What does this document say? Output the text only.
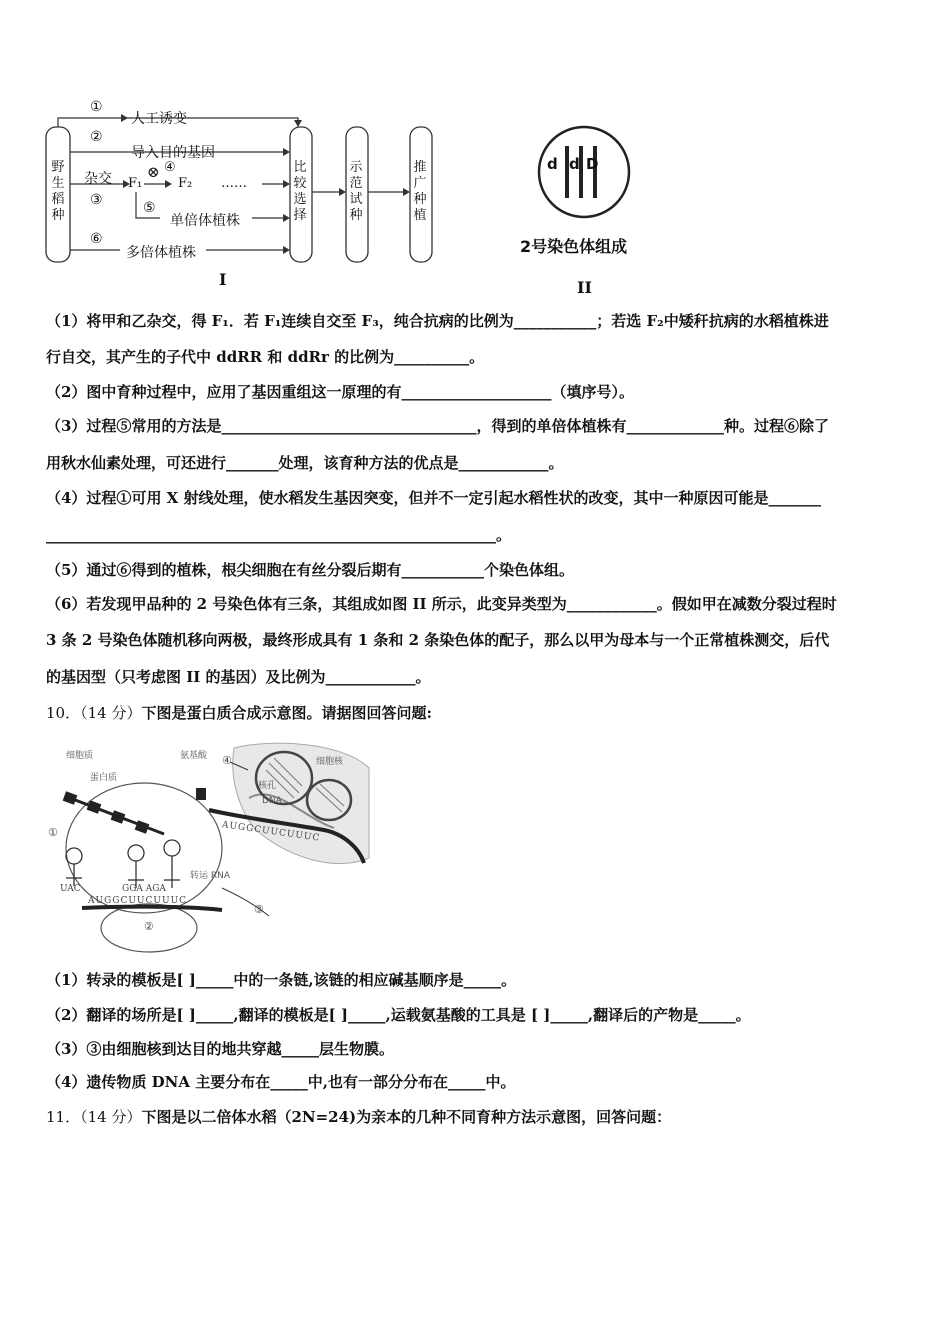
野
生
稻
种
①
人工诱变
②
导入目的基因
杂交
③
F₁
⊗ ④
F₂ ……
⑤
单倍体植株
⑥
多倍体植株
比
较
选
择
示
范
试
种
推
广
种
植
I
d d D
2号染色体组成
II
（1）将甲和乙杂交，得 F₁．若 F₁连续自交至 F₃，纯合抗病的比例为___________；若选 F₂中矮秆抗病的水稻植株进
行自交，其产生的子代中 ddRR 和 ddRr 的比例为__________。
（2）图中育种过程中，应用了基因重组这一原理的有____________________（填序号）。
（3）过程⑤常用的方法是__________________________________，得到的单倍体植株有_____________种。过程⑥除了
用秋水仙素处理，可还进行_______处理，该育种方法的优点是____________。
（4）过程①可用 X 射线处理，使水稻发生基因突变，但并不一定引起水稻性状的改变，其中一种原因可能是_______
____________________________________________________________。
（5）通过⑥得到的植株，根尖细胞在有丝分裂后期有___________个染色体组。
（6）若发现甲品种的 2 号染色体有三条，其组成如图 II 所示，此变异类型为____________。假如甲在减数分裂过程时
3 条 2 号染色体随机移向两极，最终形成具有 1 条和 2 条染色体的配子，那么以甲为母本与一个正常植株测交，后代
的基因型（只考虑图 II 的基因）及比例为____________。
10．（14 分）下图是蛋白质合成示意图。请据图回答问题:
细胞质
蛋白质
氨基酸 ④	细胞核
核孔
DNA
AUGGCUUCUUUC
①
转运 RNA
UAC	GGA AGA
AUGGCUUCUUUC
③
②
（1）转录的模板是[ ]_____中的一条链,该链的相应碱基顺序是_____。
（2）翻译的场所是[ ]_____,翻译的模板是[ ]_____,运载氨基酸的工具是 [ ]_____,翻译后的产物是_____。
（3）③由细胞核到达目的地共穿越_____层生物膜。
（4）遗传物质 DNA 主要分布在_____中,也有一部分分布在_____中。
11．（14 分）下图是以二倍体水稻（2N=24)为亲本的几种不同育种方法示意图，回答问题：
